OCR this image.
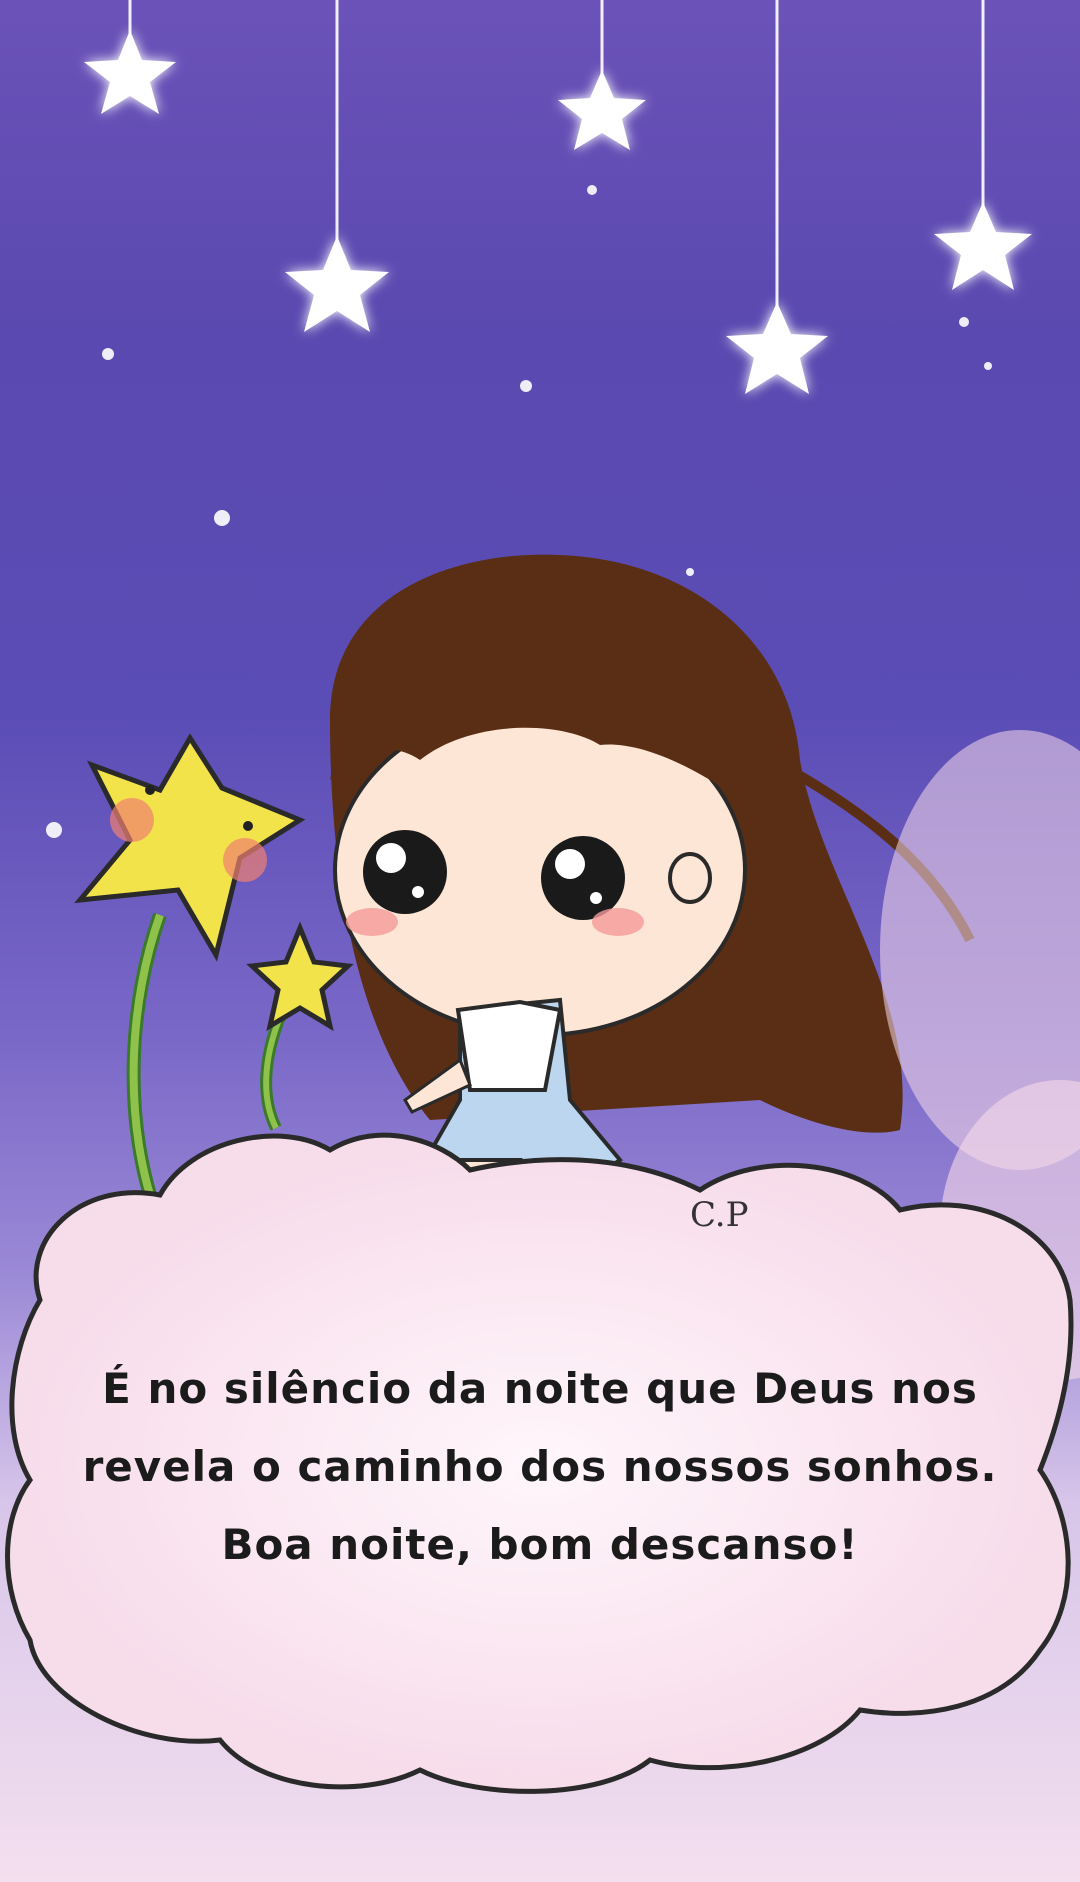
C.P
É no silêncio da noite que Deus nos
revela o caminho dos nossos sonhos.
Boa noite, bom descanso!
